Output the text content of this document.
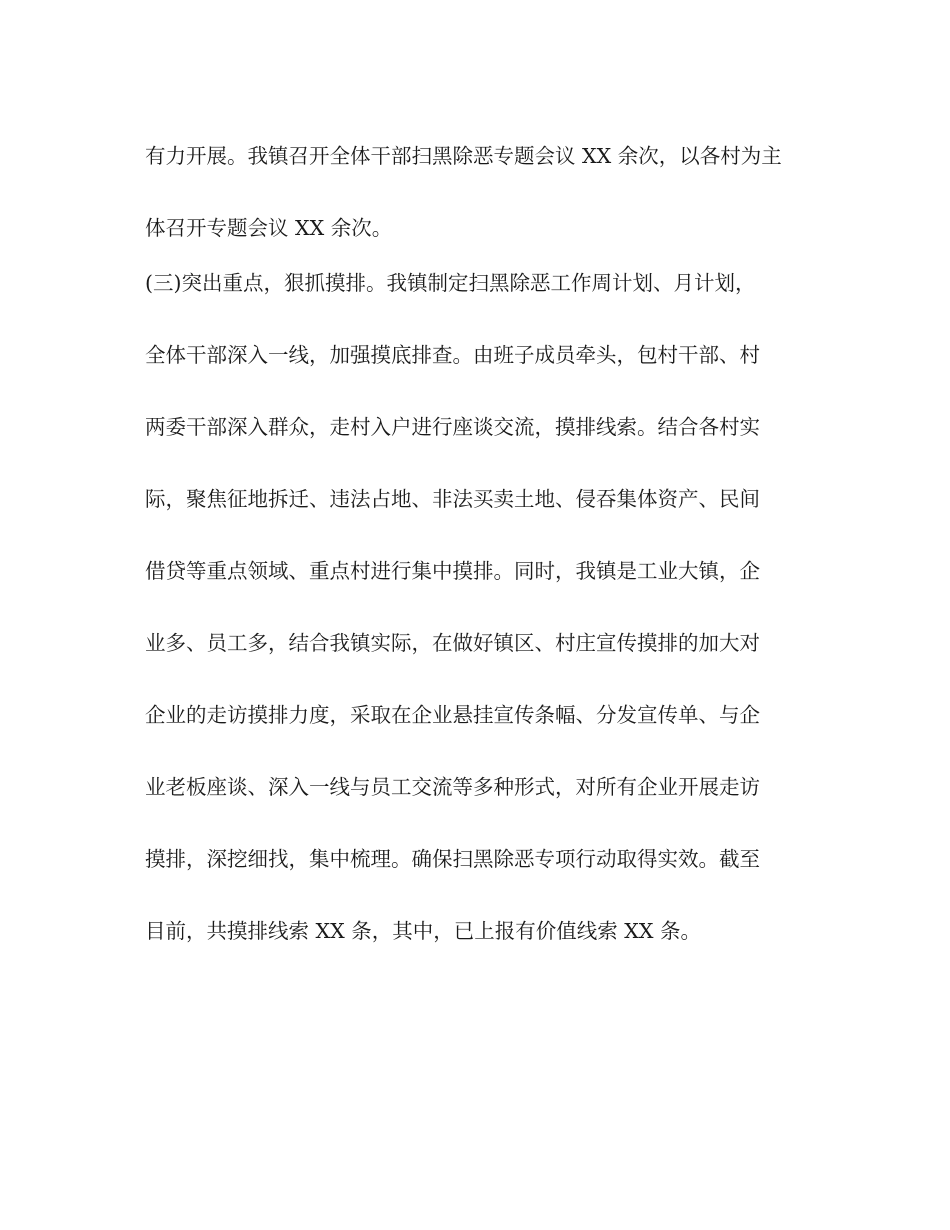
有力开展。我镇召开全体干部扫黑除恶专题会议 XX 余次，以各村为主
体召开专题会议 XX 余次。
(三)突出重点，狠抓摸排。我镇制定扫黑除恶工作周计划、月计划，
全体干部深入一线，加强摸底排查。由班子成员牵头，包村干部、村
两委干部深入群众，走村入户进行座谈交流，摸排线索。结合各村实
际，聚焦征地拆迁、违法占地、非法买卖土地、侵吞集体资产、民间
借贷等重点领域、重点村进行集中摸排。同时，我镇是工业大镇，企
业多、员工多，结合我镇实际，在做好镇区、村庄宣传摸排的加大对
企业的走访摸排力度，采取在企业悬挂宣传条幅、分发宣传单、与企
业老板座谈、深入一线与员工交流等多种形式，对所有企业开展走访
摸排，深挖细找，集中梳理。确保扫黑除恶专项行动取得实效。截至
目前，共摸排线索 XX 条，其中，已上报有价值线索 XX 条。
